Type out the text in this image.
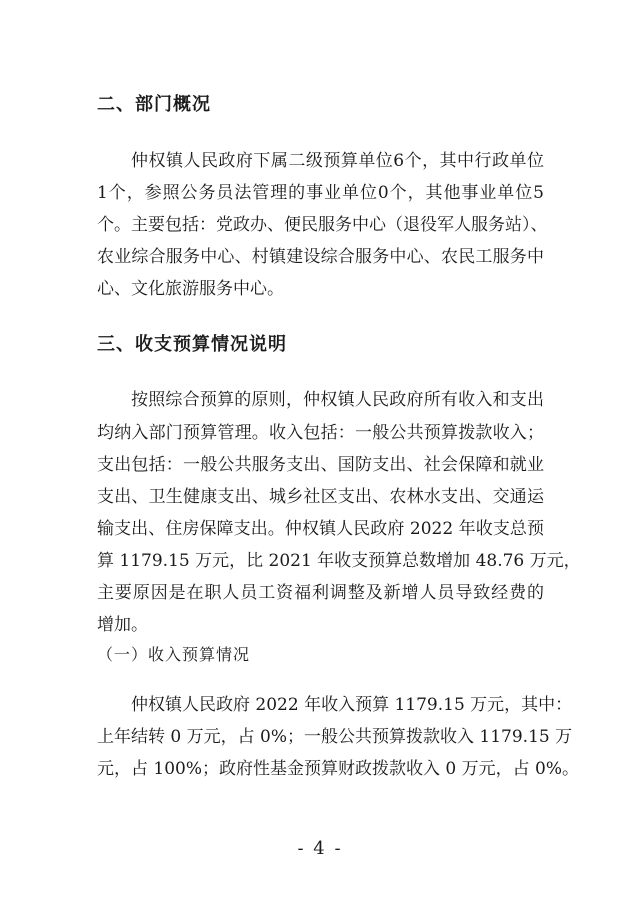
二、部门概况
仲权镇人民政府下属二级预算单位6个，其中行政单位
1个，参照公务员法管理的事业单位0个，其他事业单位5
个。主要包括：党政办、便民服务中心（退役军人服务站）、
农业综合服务中心、村镇建设综合服务中心、农民工服务中
心、文化旅游服务中心。
三、收支预算情况说明
按照综合预算的原则，仲权镇人民政府所有收入和支出
均纳入部门预算管理。收入包括：一般公共预算拨款收入；
支出包括：一般公共服务支出、国防支出、社会保障和就业
支出、卫生健康支出、城乡社区支出、农林水支出、交通运
输支出、住房保障支出。仲权镇人民政府 2022 年收支总预
算 1179.15 万元，比 2021 年收支预算总数增加 48.76 万元，
主要原因是在职人员工资福利调整及新增人员导致经费的
增加。
（一）收入预算情况
仲权镇人民政府 2022 年收入预算 1179.15 万元，其中：
上年结转 0 万元，占 0%；一般公共预算拨款收入 1179.15 万
元，占 100%；政府性基金预算财政拨款收入 0 万元，占 0%。
- 4 -
